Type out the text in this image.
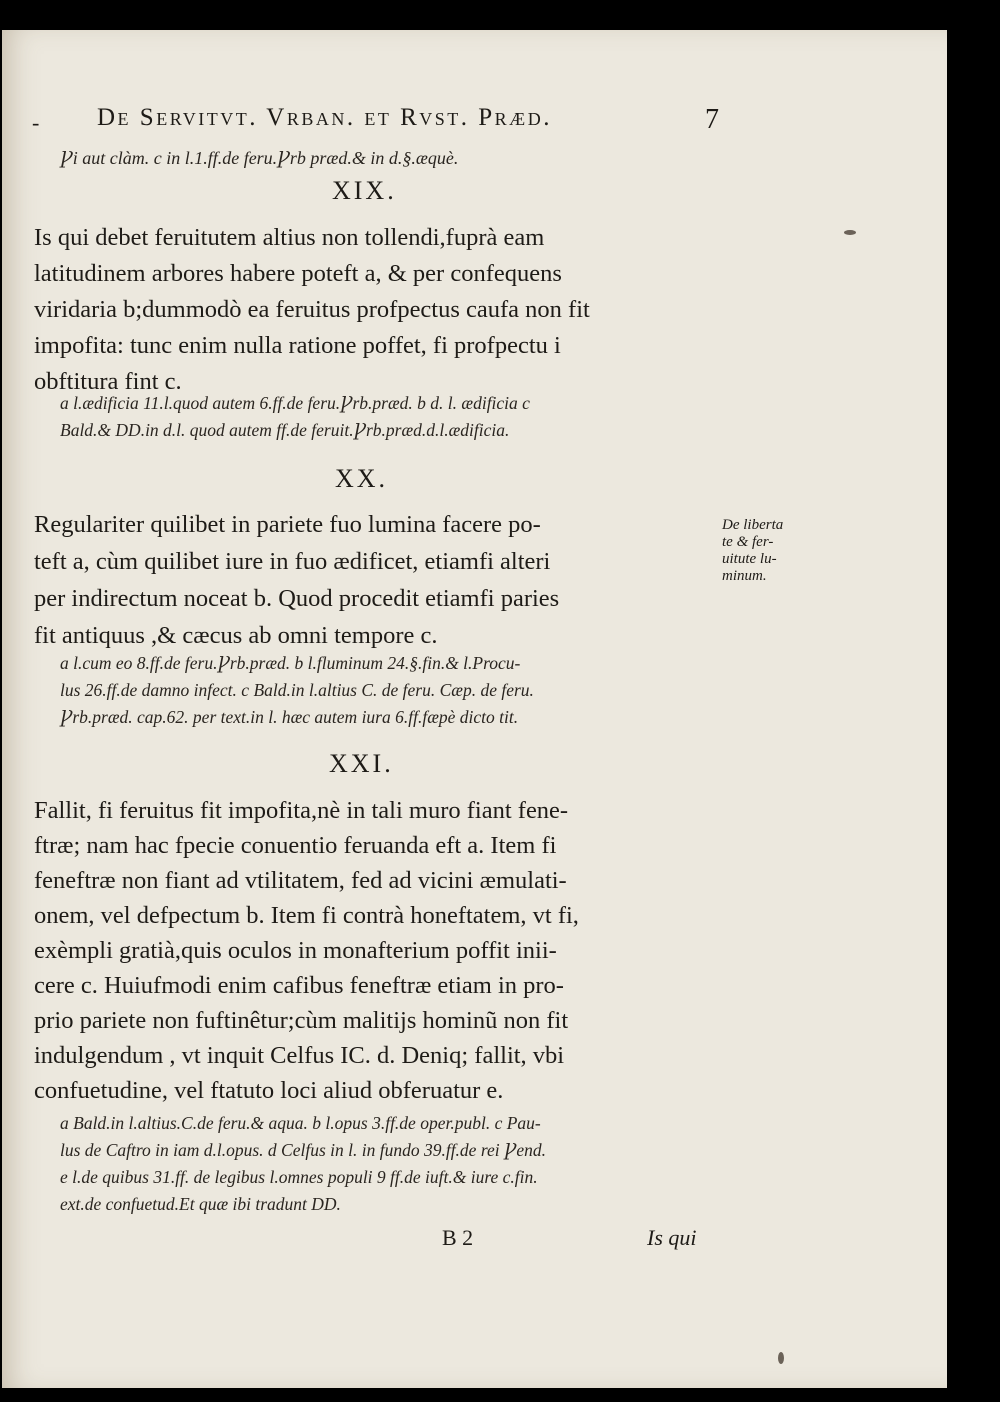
- De Servitvt. Vrban. et Rvst. Præd.	7
Ꝩi aut clàm. c in l.1.ff.de feru.Ꝩrb præd.& in d.§.æquè.
XIX.
Is qui debet feruitutem altius non tollendi,fuprà eam
latitudinem arbores habere poteft a, & per confequens
viridaria b;dummodò ea feruitus profpectus caufa non fit
impofita: tunc enim nulla ratione poffet, fi profpectu i
obftitura fint c.
a l.ædificia 11.l.quod autem 6.ff.de feru.Ꝩrb.præd. b d. l. ædificia c
Bald.& DD.in d.l. quod autem ff.de feruit.Ꝩrb.præd.d.l.ædificia.
XX.
Regulariter quilibet in pariete fuo lumina facere po-
teft a, cùm quilibet iure in fuo ædificet, etiamfi alteri
per indirectum noceat b. Quod procedit etiamfi paries
fit antiquus ,& cæcus ab omni tempore c.
De liberta
te & fer-
uitute lu-
minum.
a l.cum eo 8.ff.de feru.Ꝩrb.præd. b l.fluminum 24.§.fin.& l.Procu-
lus 26.ff.de damno infect. c Bald.in l.altius C. de feru. Cæp. de feru.
Ꝩrb.præd. cap.62. per text.in l. hæc autem iura 6.ff.fæpè dicto tit.
XXI.
Fallit, fi feruitus fit impofita,nè in tali muro fiant fene-
ftræ; nam hac fpecie conuentio feruanda eft a. Item fi
feneftræ non fiant ad vtilitatem, fed ad vicini æmulati-
onem, vel defpectum b. Item fi contrà honeftatem, vt fi,
exèmpli gratià,quis oculos in monafterium poffit inii-
cere c. Huiufmodi enim cafibus feneftræ etiam in pro-
prio pariete non fuftinêtur;cùm malitijs hominũ non fit
indulgendum , vt inquit Celfus IC. d. Deniq; fallit, vbi
confuetudine, vel ftatuto loci aliud obferuatur e.
a Bald.in l.altius.C.de feru.& aqua. b l.opus 3.ff.de oper.publ. c Pau-
lus de Caftro in iam d.l.opus. d Celfus in l. in fundo 39.ff.de rei Ꝩend.
e l.de quibus 31.ff. de legibus l.omnes populi 9 ff.de iuft.& iure c.fin.
ext.de confuetud.Et quæ ibi tradunt DD.
B 2	Is qui
